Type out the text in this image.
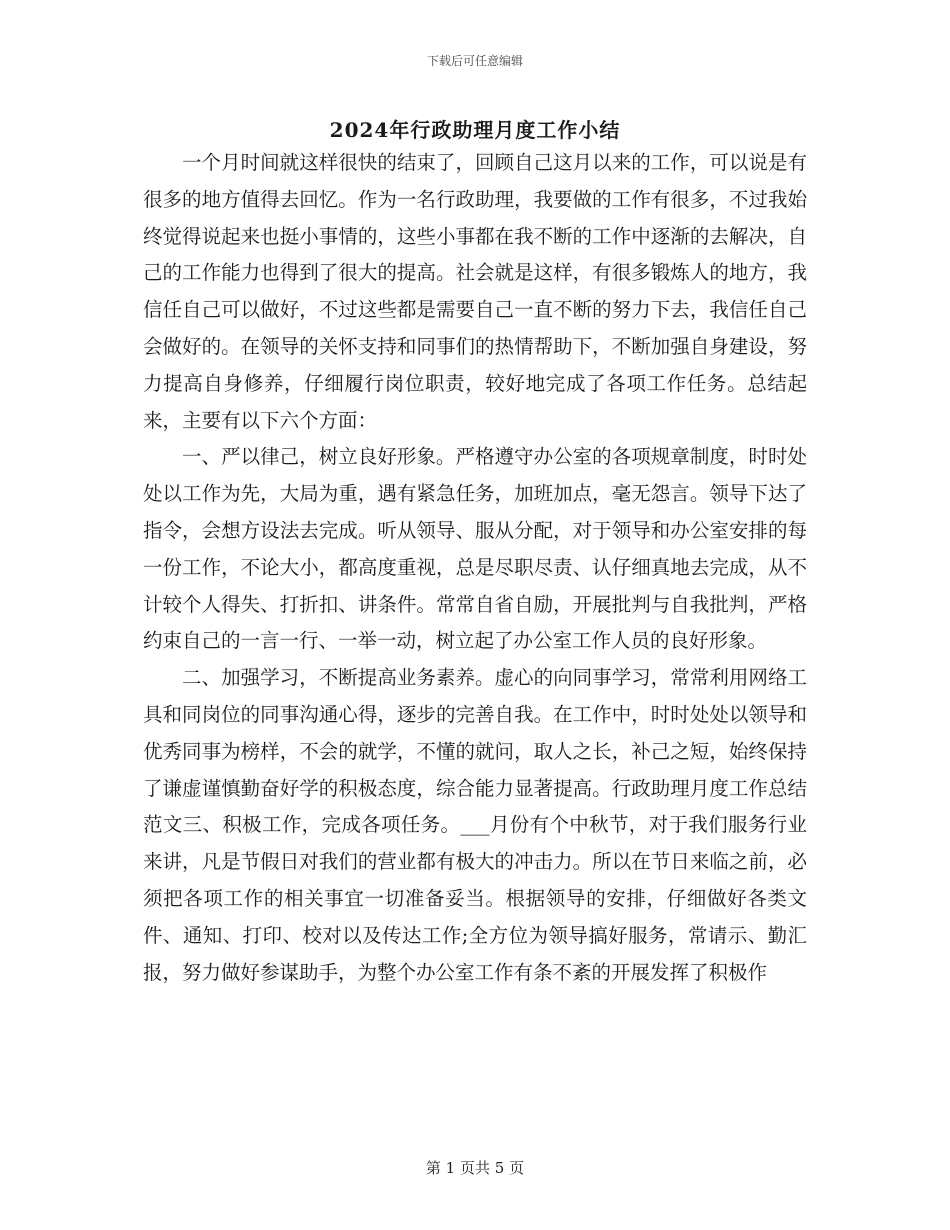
下载后可任意编辑
2024年行政助理月度工作小结

一个月时间就这样很快的结束了，回顾自己这月以来的工作，可以说是有很多的地方值得去回忆。作为一名行政助理，我要做的工作有很多，不过我始终觉得说起来也挺小事情的，这些小事都在我不断的工作中逐渐的去解决，自己的工作能力也得到了很大的提高。社会就是这样，有很多锻炼人的地方，我信任自己可以做好，不过这些都是需要自己一直不断的努力下去，我信任自己会做好的。在领导的关怀支持和同事们的热情帮助下，不断加强自身建设，努力提高自身修养，仔细履行岗位职责，较好地完成了各项工作任务。总结起来，主要有以下六个方面：

一、严以律己，树立良好形象。严格遵守办公室的各项规章制度，时时处处以工作为先，大局为重，遇有紧急任务，加班加点，毫无怨言。领导下达了指令，会想方设法去完成。听从领导、服从分配，对于领导和办公室安排的每一份工作，不论大小，都高度重视，总是尽职尽责、认仔细真地去完成，从不计较个人得失、打折扣、讲条件。常常自省自励，开展批判与自我批判，严格约束自己的一言一行、一举一动，树立起了办公室工作人员的良好形象。

二、加强学习，不断提高业务素养。虚心的向同事学习，常常利用网络工具和同岗位的同事沟通心得，逐步的完善自我。在工作中，时时处处以领导和优秀同事为榜样，不会的就学，不懂的就问，取人之长，补己之短，始终保持了谦虚谨慎勤奋好学的积极态度，综合能力显著提高。行政助理月度工作总结范文三、积极工作，完成各项任务。___月份有个中秋节，对于我们服务行业来讲，凡是节假日对我们的营业都有极大的冲击力。所以在节日来临之前，必须把各项工作的相关事宜一切准备妥当。根据领导的安排，仔细做好各类文件、通知、打印、校对以及传达工作;全方位为领导搞好服务，常请示、勤汇报，努力做好参谋助手，为整个办公室工作有条不紊的开展发挥了积极作

第 1 页共 5 页
